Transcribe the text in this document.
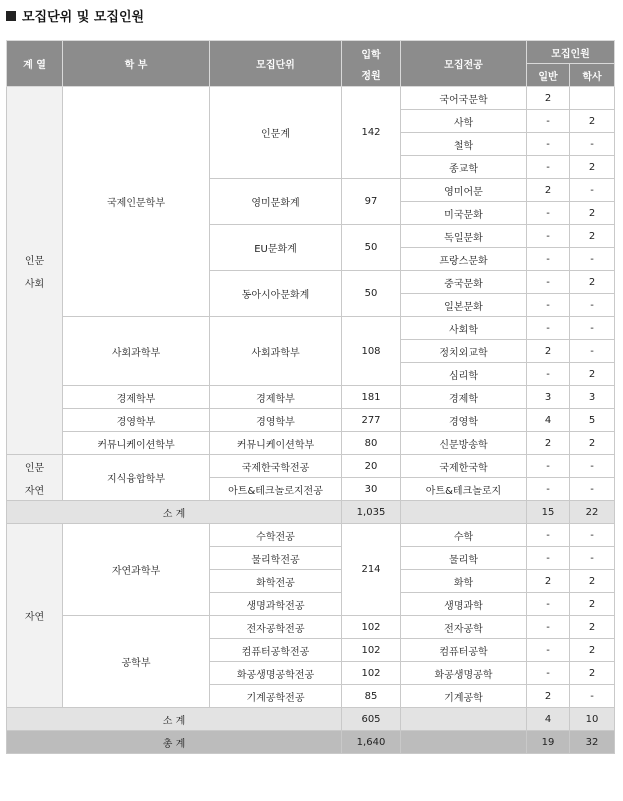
모집단위 및 모집인원
계 열	학 부	모집단위	입학
정원	모집전공	모집인원	
					일반	학사

인문
사회	국제인문학부	인문계	142	국어국문학	2	
				사학	-	2
				철학	-	-
				종교학	-	2
		영미문화계	97	영미어문	2	-
				미국문화	-	2
		EU문화계	50	독일문화	-	2
				프랑스문화	-	-
		동아시아문화계	50	중국문화	-	2
				일본문화	-	-
	사회과학부	사회과학부	108	사회학	-	-
				정치외교학	2	-
				심리학	-	2
	경제학부	경제학부	181	경제학	3	3
	경영학부	경영학부	277	경영학	4	5
	커뮤니케이션학부	커뮤니케이션학부	80	신문방송학	2	2

인문
자연	지식융합학부	국제한국학전공	20	국제한국학	-	-
		아트&테크놀로지전공	30	아트&테크놀로지	-	-
소 계			1,035		15	22
자연	자연과학부	수학전공	214	수학	-	-
		물리학전공		물리학	-	-
		화학전공		화학	2	2
		생명과학전공		생명과학	-	2
	공학부	전자공학전공	102	전자공학	-	2
		컴퓨터공학전공	102	컴퓨터공학	-	2
		화공생명공학전공	102	화공생명공학	-	2
		기계공학전공	85	기계공학	2	-
소 계			605		4	10
총 계			1,640		19	32
